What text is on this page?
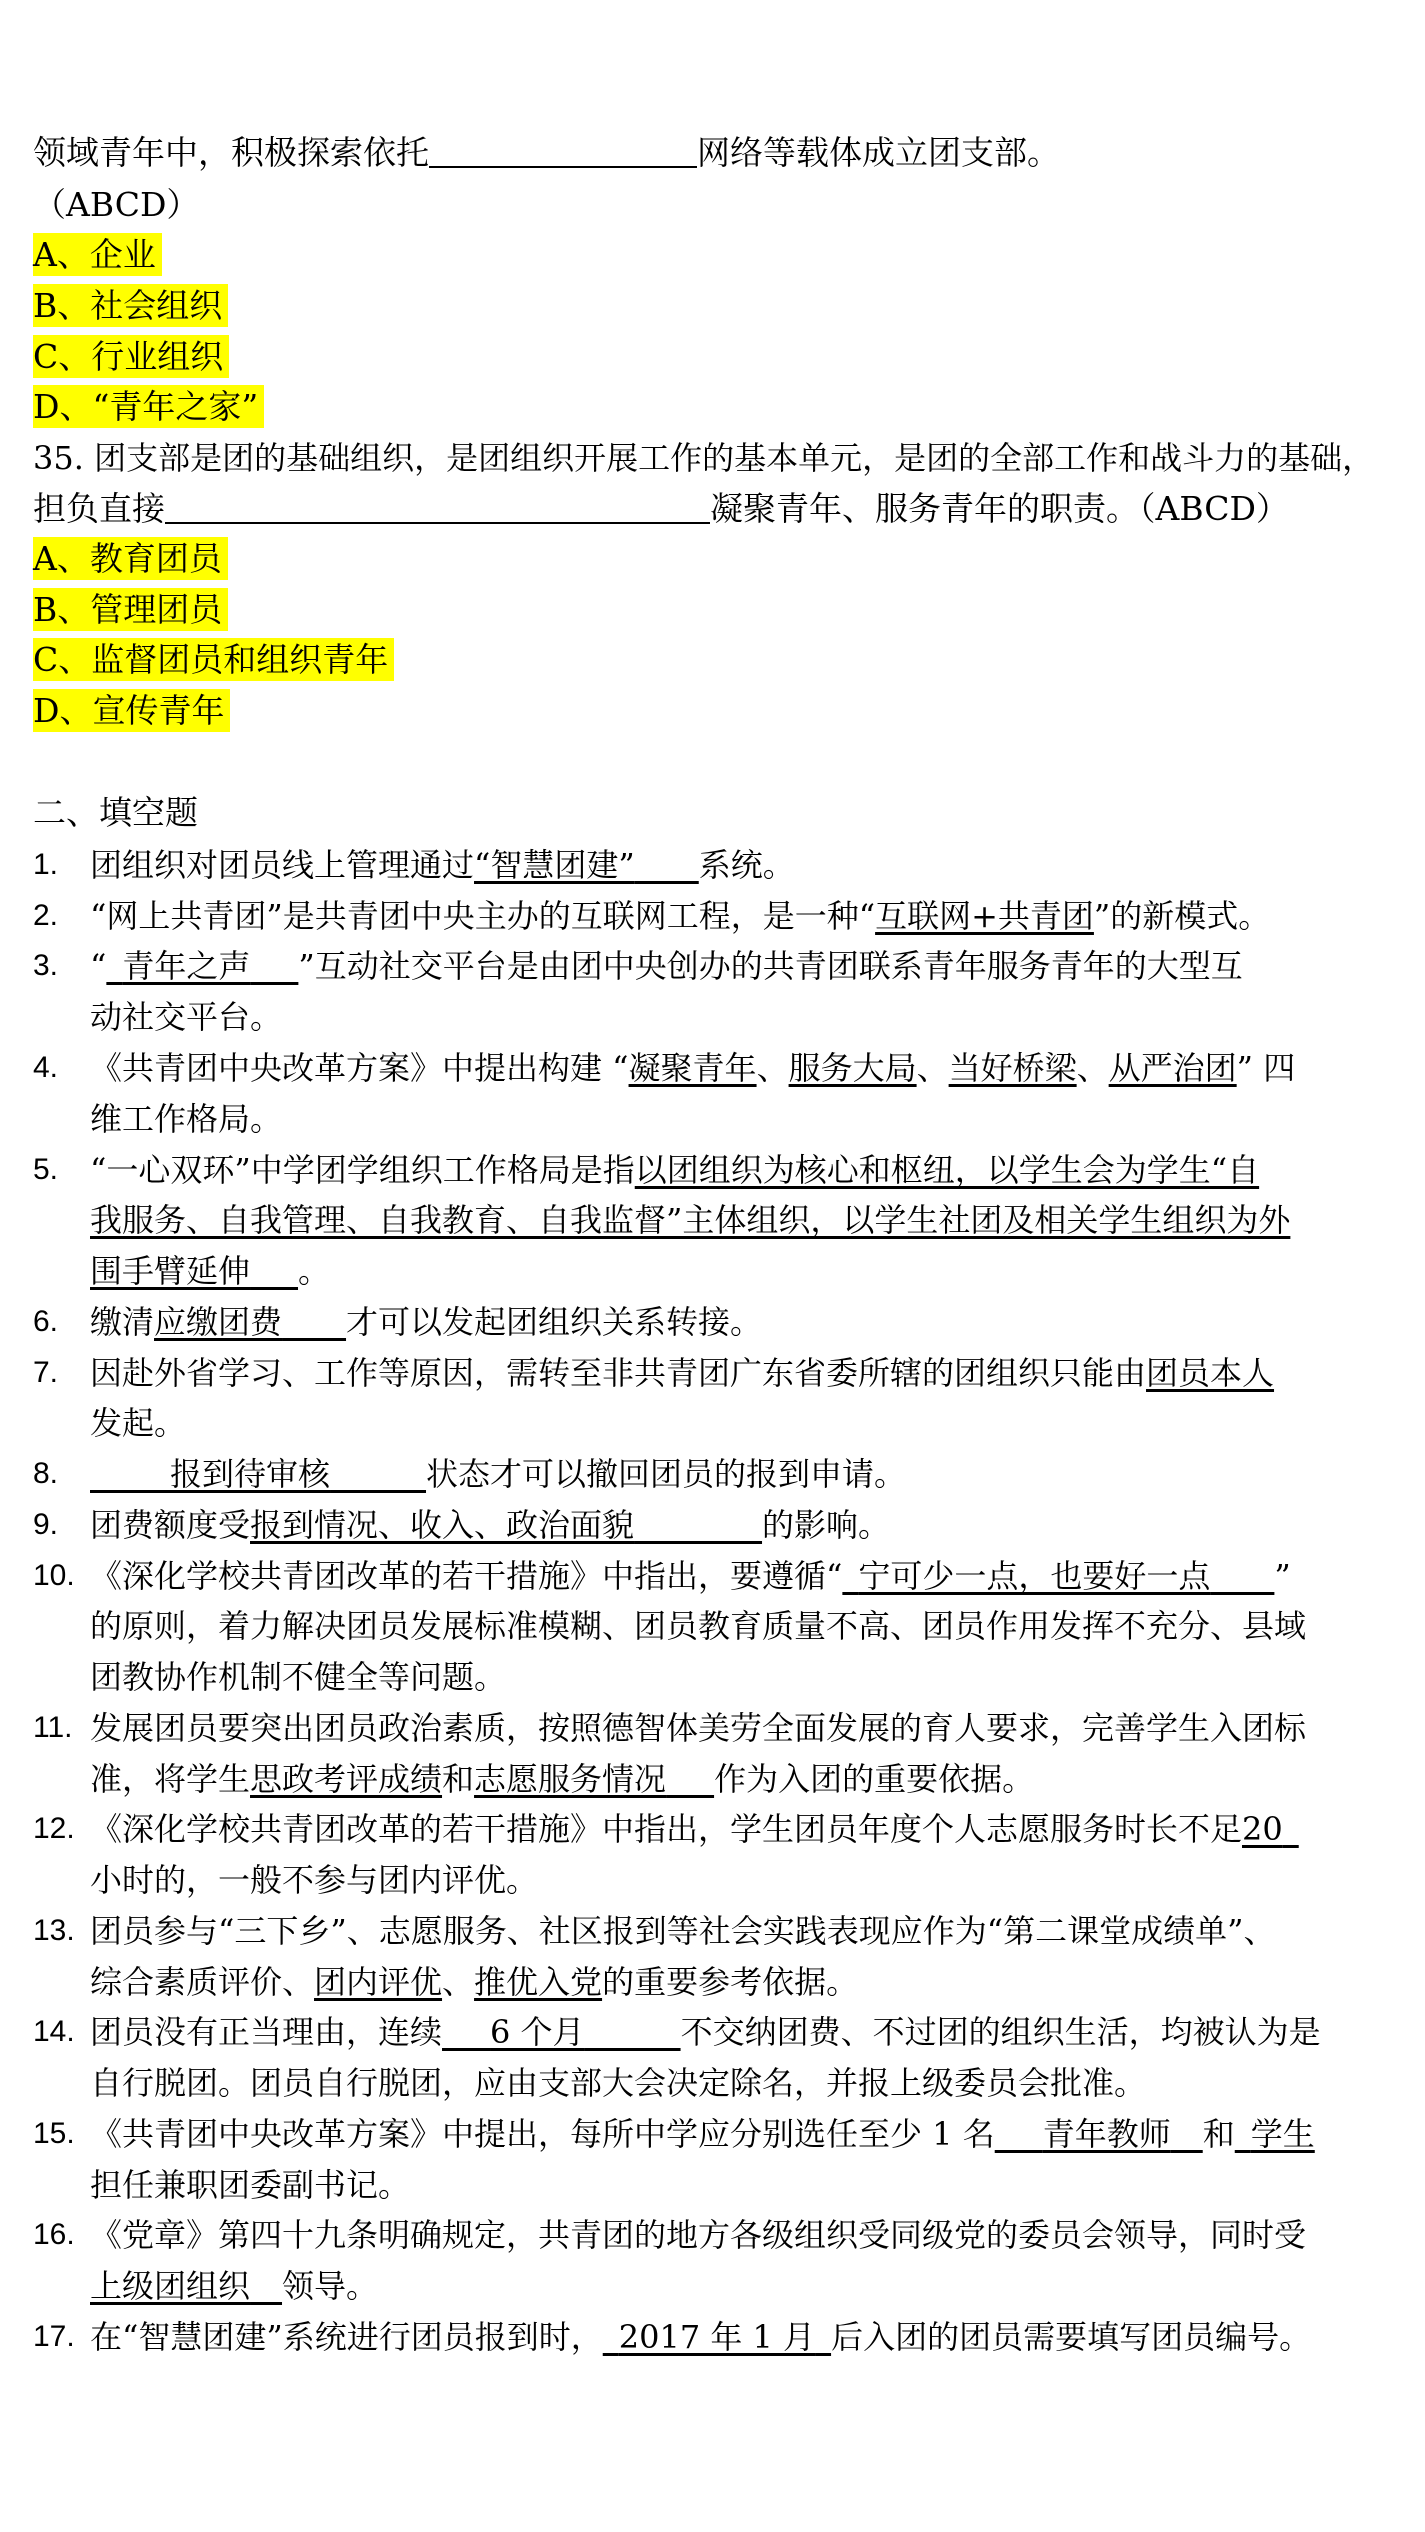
领域青年中，积极探索依托	网络等载体成立团支部。
（ABCD）
A、企业
B、社会组织
C、行业组织
D、“青年之家”
35. 团支部是团的基础组织，是团组织开展工作的基本单元，是团的全部工作和战斗力的基础，
担负直接	凝聚青年、服务青年的职责。（ABCD）
A、教育团员
B、管理团员
C、监督团员和组织青年
D、宣传青年
二、填空题
1. 团组织对团员线上管理通过“智慧团建”   系统。
2. “网上共青团”是共青团中央主办的互联网工程，是一种“互联网+共青团”的新模式。
3. “  青年之声   ”互动社交平台是由团中央创办的共青团联系青年服务青年的大型互
动社交平台。
4. 《共青团中央改革方案》中提出构建 “凝聚青年、服务大局、当好桥梁、从严治团” 四
维工作格局。
5. “一心双环”中学团学组织工作格局是指以团组织为核心和枢纽，以学生会为学生“自
我服务、自我管理、自我教育、自我监督”主体组织，以学生社团及相关学生组织为外
围手臂延伸   。
6. 缴清应缴团费   才可以发起团组织关系转接。
7. 因赴外省学习、工作等原因，需转至非共青团广东省委所辖的团组织只能由团员本人
发起。
8.
   	报到待审核   	状态才可以撤回团员的报到申请。
9. 团费额度受报到情况、收入、政治面貌    	的影响。
10. 《深化学校共青团改革的若干措施》中指出，要遵循“  宁可少一点，也要好一点   ”
的原则，着力解决团员发展标准模糊、团员教育质量不高、团员作用发挥不充分、县域
团教协作机制不健全等问题。
11. 发展团员要突出团员政治素质，按照德智体美劳全面发展的育人要求，完善学生入团标
准，将学生思政考评成绩和志愿服务情况   作为入团的重要依据。
12. 《深化学校共青团改革的若干措施》中指出，学生团员年度个人志愿服务时长不足20 
小时的，一般不参与团内评优。
13. 团员参与“三下乡”、志愿服务、社区报到等社会实践表现应作为“第二课堂成绩单”、
综合素质评价、团内评优、推优入党的重要参考依据。
14. 团员没有正当理由，连续   6 个月   	不交纳团费、不过团的组织生活，均被认为是
自行脱团。团员自行脱团，应由支部大会决定除名，并报上级委员会批准。
15. 《共青团中央改革方案》中提出，每所中学应分别选任至少 1 名   青年教师  和  学生
担任兼职团委副书记。
16. 《党章》第四十九条明确规定，共青团的地方各级组织受同级党的委员会领导，同时受
上级团组织  领导。
17. 在“智慧团建”系统进行团员报到时，  2017 年 1 月  后入团的团员需要填写团员编号。
